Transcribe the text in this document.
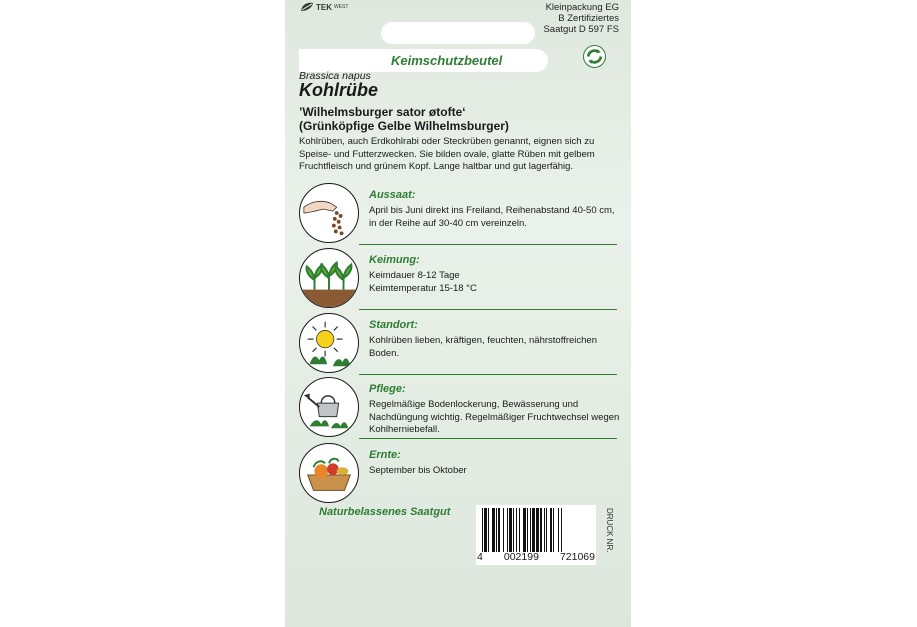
TEK WEST	Kleinpackung EG
B Zertifiziertes
Saatgut D 597 FS
Keimschutzbeutel
Brassica napus
Kohlrübe
’Wilhelmsburger sator øtofte‘
(Grünköpfige Gelbe Wilhelmsburger)
Kohlrüben, auch Erdkohlrabi oder Steckrüben genannt, eignen sich zu Speise- und Futterzwecken. Sie bilden ovale, glatte Rüben mit gelbem Fruchtfleisch und grünem Kopf. Lange haltbar und gut lagerfähig.
Aussaat:
April bis Juni direkt ins Freiland, Reihenabstand 40-50 cm, in der Reihe auf 30-40 cm vereinzeln.
Keimung:
Keimdauer 8-12 Tage
Keimtemperatur 15-18 °C
Standort:
Kohlrüben lieben, kräftigen, feuchten, nährstoffreichen Boden.
Pflege:
Regelmäßige Bodenlockerung, Bewässerung und Nachdüngung wichtig. Regelmäßiger Fruchtwechsel wegen Kohlherniebefall.
Ernte:
September bis Oktober
Naturbelassenes Saatgut
4 002199 721069
DRUCK NR.
